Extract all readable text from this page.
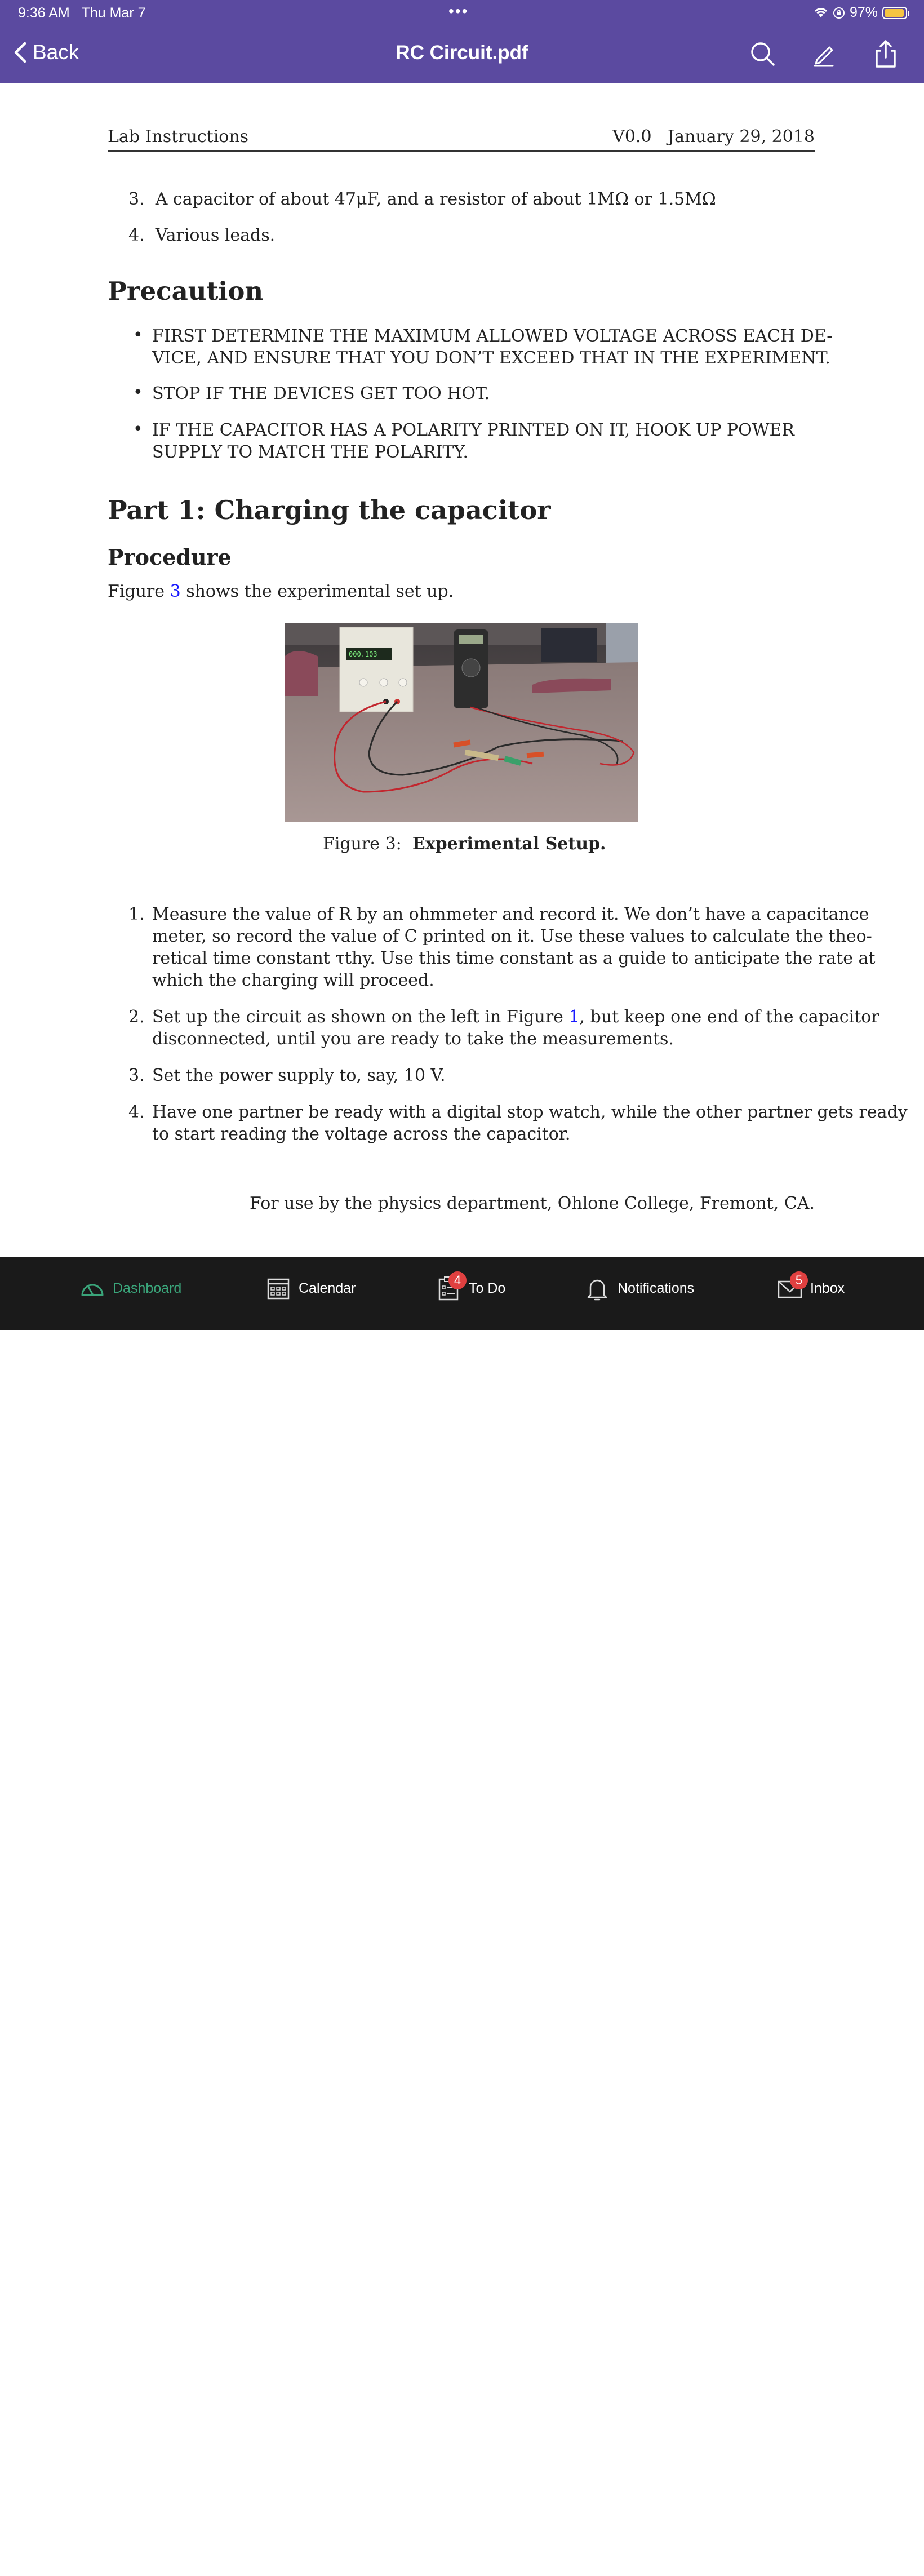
9:36 AM Thu Mar 7	•••	97%
Back	RC Circuit.pdf
Lab Instructions	V0.0 January 29, 2018
3. A capacitor of about 47μF, and a resistor of about 1MΩ or 1.5MΩ
4. Various leads.
Precaution
• FIRST DETERMINE THE MAXIMUM ALLOWED VOLTAGE ACROSS EACH DE-
VICE, AND ENSURE THAT YOU DON’T EXCEED THAT IN THE EXPERIMENT.
• STOP IF THE DEVICES GET TOO HOT.
• IF THE CAPACITOR HAS A POLARITY PRINTED ON IT, HOOK UP POWER
SUPPLY TO MATCH THE POLARITY.
Part 1: Charging the capacitor
Procedure
Figure 3 shows the experimental set up.
000.103
Figure 3: Experimental Setup.
1. Measure the value of R by an ohmmeter and record it. We don’t have a capacitance
meter, so record the value of C printed on it. Use these values to calculate the theo-
retical time constant τthy. Use this time constant as a guide to anticipate the rate at
which the charging will proceed.
2. Set up the circuit as shown on the left in Figure 1, but keep one end of the capacitor
disconnected, until you are ready to take the measurements.
3. Set the power supply to, say, 10 V.
4. Have one partner be ready with a digital stop watch, while the other partner gets ready
to start reading the voltage across the capacitor.
For use by the physics department, Ohlone College, Fremont, CA.
Dashboard	Calendar	4 To Do	Notifications	5 Inbox
